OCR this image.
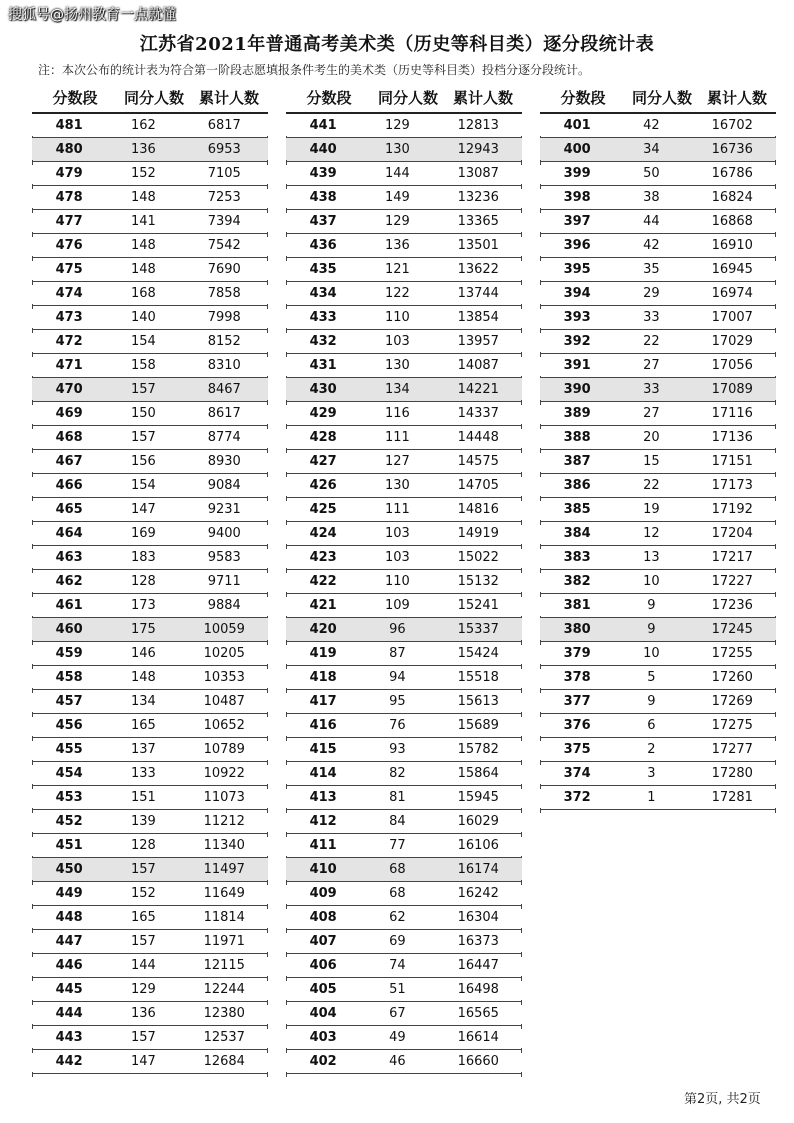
搜狐号@扬州教育一点就懂
江苏省2021年普通高考美术类（历史等科目类）逐分段统计表
注：本次公布的统计表为符合第一阶段志愿填报条件考生的美术类（历史等科目类）投档分逐分段统计。
分数段	同分人数 累计人数
481	162	6817
480	136	6953
479	152	7105
478	148	7253
477	141	7394
476	148	7542
475	148	7690
474	168	7858
473	140	7998
472	154	8152
471	158	8310
470	157	8467
469	150	8617
468	157	8774
467	156	8930
466	154	9084
465	147	9231
464	169	9400
463	183	9583
462	128	9711
461	173	9884
460	175	10059
459	146	10205
458	148	10353
457	134	10487
456	165	10652
455	137	10789
454	133	10922
453	151	11073
452	139	11212
451	128	11340
450	157	11497
449	152	11649
448	165	11814
447	157	11971
446	144	12115
445	129	12244
444	136	12380
443	157	12537
442	147	12684
分数段	同分人数 累计人数
441	129	12813
440	130	12943
439	144	13087
438	149	13236
437	129	13365
436	136	13501
435	121	13622
434	122	13744
433	110	13854
432	103	13957
431	130	14087
430	134	14221
429	116	14337
428	111	14448
427	127	14575
426	130	14705
425	111	14816
424	103	14919
423	103	15022
422	110	15132
421	109	15241
420	96	15337
419	87	15424
418	94	15518
417	95	15613
416	76	15689
415	93	15782
414	82	15864
413	81	15945
412	84	16029
411	77	16106
410	68	16174
409	68	16242
408	62	16304
407	69	16373
406	74	16447
405	51	16498
404	67	16565
403	49	16614
402	46	16660
分数段	同分人数 累计人数
401	42	16702
400	34	16736
399	50	16786
398	38	16824
397	44	16868
396	42	16910
395	35	16945
394	29	16974
393	33	17007
392	22	17029
391	27	17056
390	33	17089
389	27	17116
388	20	17136
387	15	17151
386	22	17173
385	19	17192
384	12	17204
383	13	17217
382	10	17227
381	9	17236
380	9	17245
379	10	17255
378	5	17260
377	9	17269
376	6	17275
375	2	17277
374	3	17280
372	1	17281
第2页, 共2页
